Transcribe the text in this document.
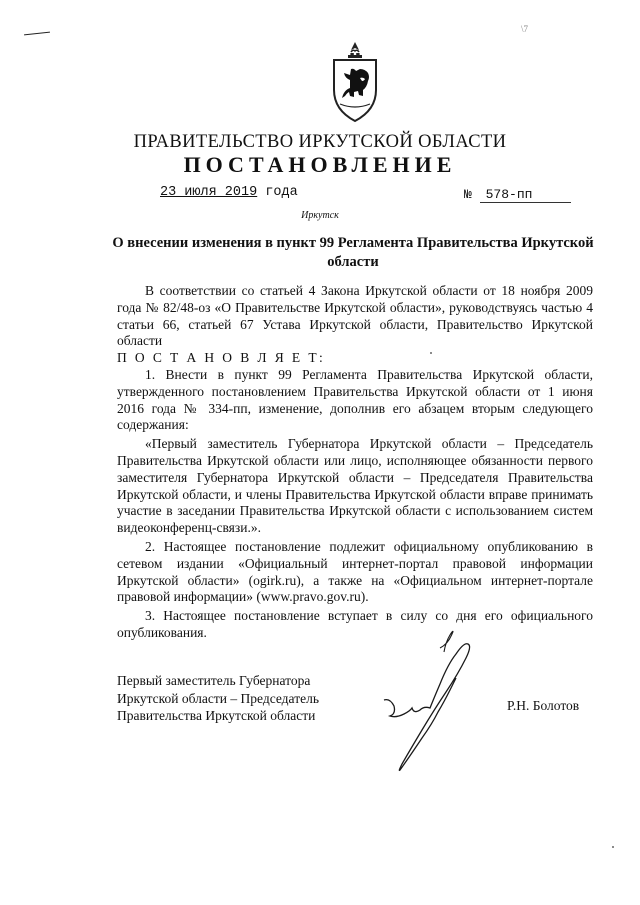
\7
ПРАВИТЕЛЬСТВО ИРКУТСКОЙ ОБЛАСТИ
ПОСТАНОВЛЕНИЕ
23 июля 2019 года	№ 578-пп
Иркутск
О внесении изменения в пункт 99 Регламента Правительства Иркутской области

В соответствии со статьей 4 Закона Иркутской области от 18 ноября 2009 года № 82/48-оз «О Правительстве Иркутской области», руководствуясь частью 4 статьи 66, статьей 67 Устава Иркутской области, Правительство Иркутской области

П О С Т А Н О В Л Я Е Т:

1. Внести в пункт 99 Регламента Правительства Иркутской области, утвержденного постановлением Правительства Иркутской области от 1 июня 2016 года № 334-пп, изменение, дополнив его абзацем вторым следующего содержания:

«Первый заместитель Губернатора Иркутской области – Председатель Правительства Иркутской области или лицо, исполняющее обязанности первого заместителя Губернатора Иркутской области – Председателя Правительства Иркутской области, и члены Правительства Иркутской области вправе принимать участие в заседании Правительства Иркутской области с использованием систем видеоконференц-связи.».

2. Настоящее постановление подлежит официальному опубликованию в сетевом издании «Официальный интернет-портал правовой информации Иркутской области» (ogirk.ru), а также на «Официальном интернет-портале правовой информации» (www.pravo.gov.ru).

3. Настоящее постановление вступает в силу со дня его официального опубликования.

Первый заместитель Губернатора
Иркутской области – Председатель
Правительства Иркутской области
Р.Н. Болотов
